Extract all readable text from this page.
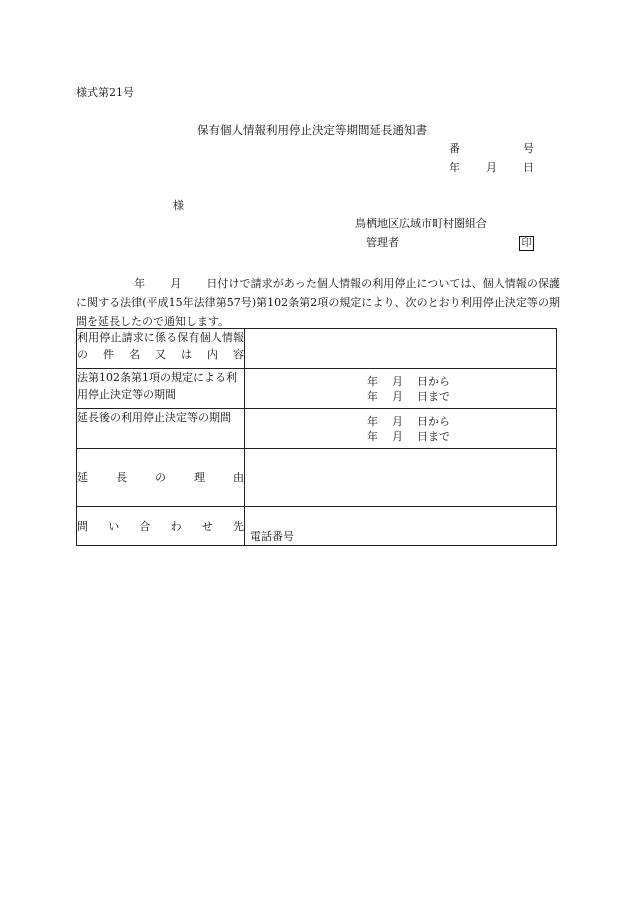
様式第21号
保有個人情報利用停止決定等期間延長通知書
番	号
年 月 日
様
鳥栖地区広域市町村圏組合
管理者	印
年 月 日付けで請求があった個人情報の利用停止については、個人情報の保護に関する法律(平成15年法律第57号)第102条第2項の規定により、次のとおり利用停止決定等の期間を延長したので通知します。
利用停止請求に係る保有個人情報の件名又は内容	

法第102条第1項の規定による利用停止決定等の期間	年 月 日から
年 月 日まで

延長後の利用停止決定等の期間	年 月 日から
年 月 日まで

延長の理由	

問い合わせ先	電話番号
